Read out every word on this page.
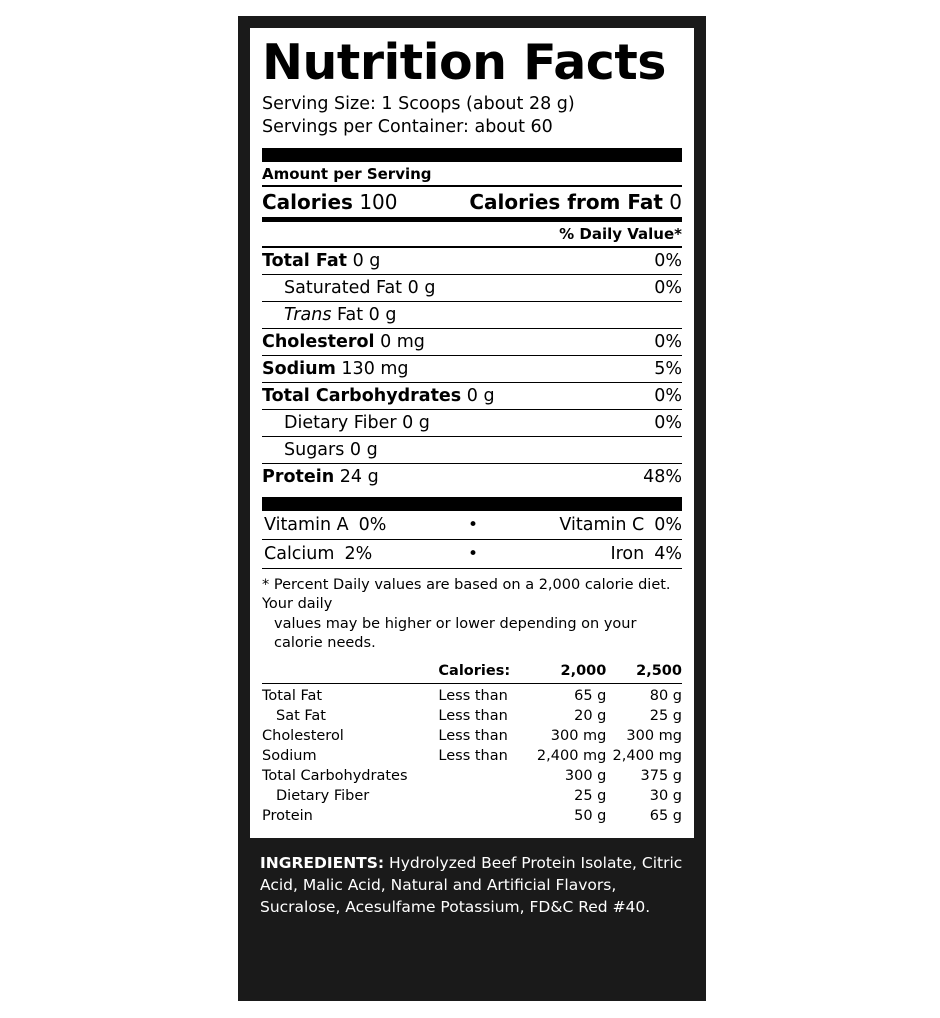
Nutrition Facts
Serving Size: 1 Scoops (about 28 g)
Servings per Container: about 60
Amount per Serving
Calories 100	Calories from Fat 0
% Daily Value*
Total Fat 0 g	0%
Saturated Fat 0 g	0%
Trans Fat 0 g
Cholesterol 0 mg	0%
Sodium 130 mg	5%
Total Carbohydrates 0 g	0%
Dietary Fiber 0 g	0%
Sugars 0 g
Protein 24 g	48%
Vitamin A 0%	•	Vitamin C 0%
Calcium 2%	•	Iron 4%
* Percent Daily values are based on a 2,000 calorie diet. Your daily
values may be higher or lower depending on your calorie needs.
	Calories:	2,000	2,500

Total Fat	Less than	65 g	80 g
Sat Fat	Less than	20 g	25 g
Cholesterol	Less than	300 mg	300 mg
Sodium	Less than	2,400 mg	2,400 mg
Total Carbohydrates		300 g	375 g
Dietary Fiber		25 g	30 g
Protein		50 g	65 g
INGREDIENTS: Hydrolyzed Beef Protein Isolate, Citric Acid, Malic Acid, Natural and Artificial Flavors, Sucralose, Acesulfame Potassium, FD&C Red #40.
